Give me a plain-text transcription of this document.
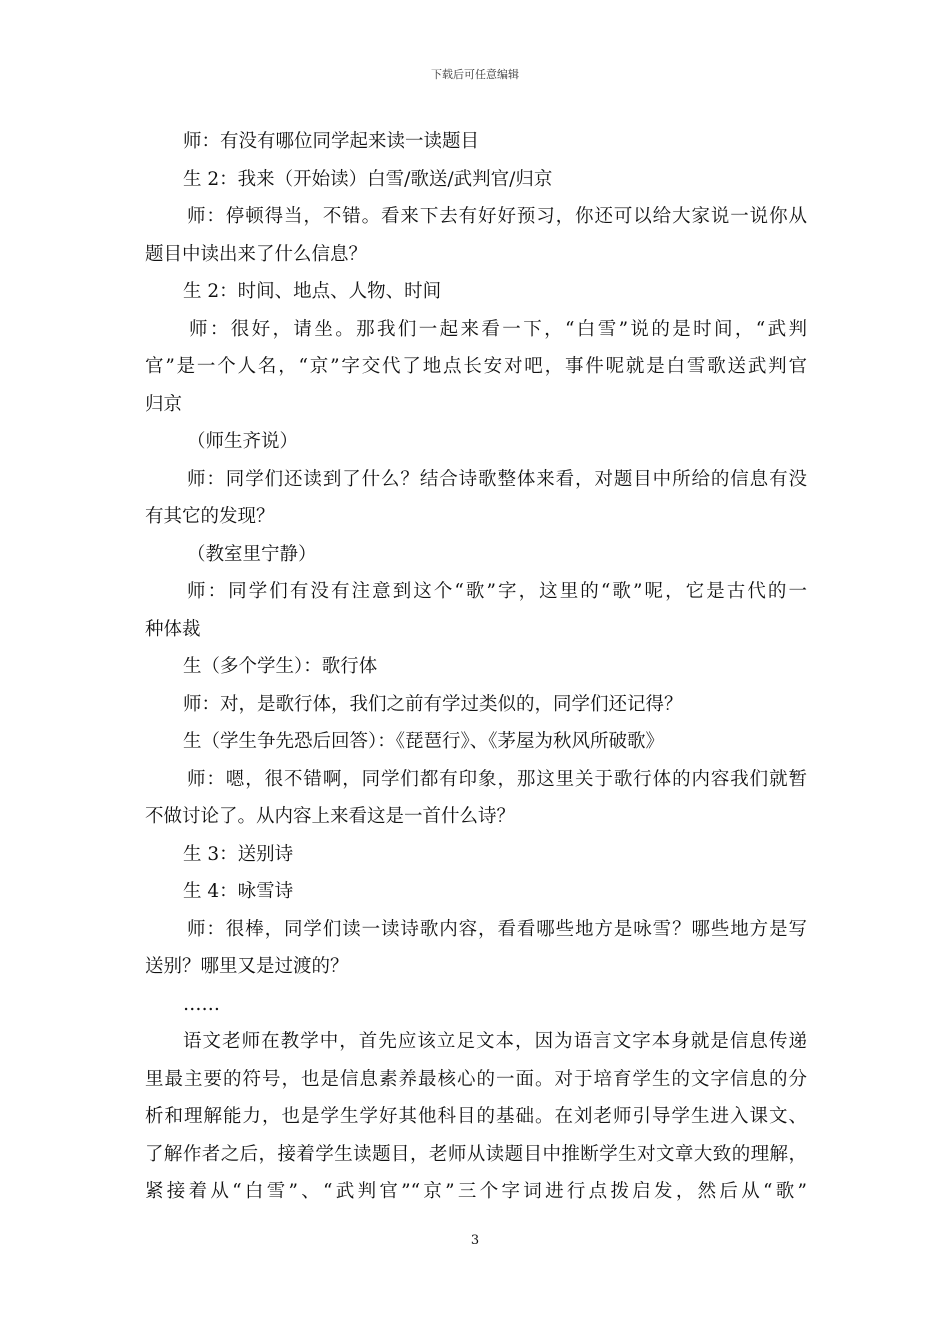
下载后可任意编辑
师：有没有哪位同学起来读一读题目
生 2：我来（开始读）白雪/歌送/武判官/归京
师：停顿得当，不错。看来下去有好好预习，你还可以给大家说一说你从
题目中读出来了什么信息？
生 2：时间、地点、人物、时间
师：很好，请坐。那我们一起来看一下，“白雪”说的是时间，“武判
官”是一个人名，“京”字交代了地点长安对吧，事件呢就是白雪歌送武判官
归京
（师生齐说）
师：同学们还读到了什么？结合诗歌整体来看，对题目中所给的信息有没
有其它的发现？
（教室里宁静）
师：同学们有没有注意到这个“歌”字，这里的“歌”呢，它是古代的一
种体裁
生（多个学生）：歌行体
师：对，是歌行体，我们之前有学过类似的，同学们还记得？
生（学生争先恐后回答）：《琵琶行》、《茅屋为秋风所破歌》
师：嗯，很不错啊，同学们都有印象，那这里关于歌行体的内容我们就暂
不做讨论了。从内容上来看这是一首什么诗？
生 3：送别诗
生 4：咏雪诗
师：很棒，同学们读一读诗歌内容，看看哪些地方是咏雪？哪些地方是写
送别？哪里又是过渡的？
……
语文老师在教学中，首先应该立足文本，因为语言文字本身就是信息传递
里最主要的符号，也是信息素养最核心的一面。对于培育学生的文字信息的分
析和理解能力，也是学生学好其他科目的基础。在刘老师引导学生进入课文、
了解作者之后，接着学生读题目，老师从读题目中推断学生对文章大致的理解，
紧接着从“白雪”、“武判官”“京”三个字词进行点拨启发，然后从“歌”
3
